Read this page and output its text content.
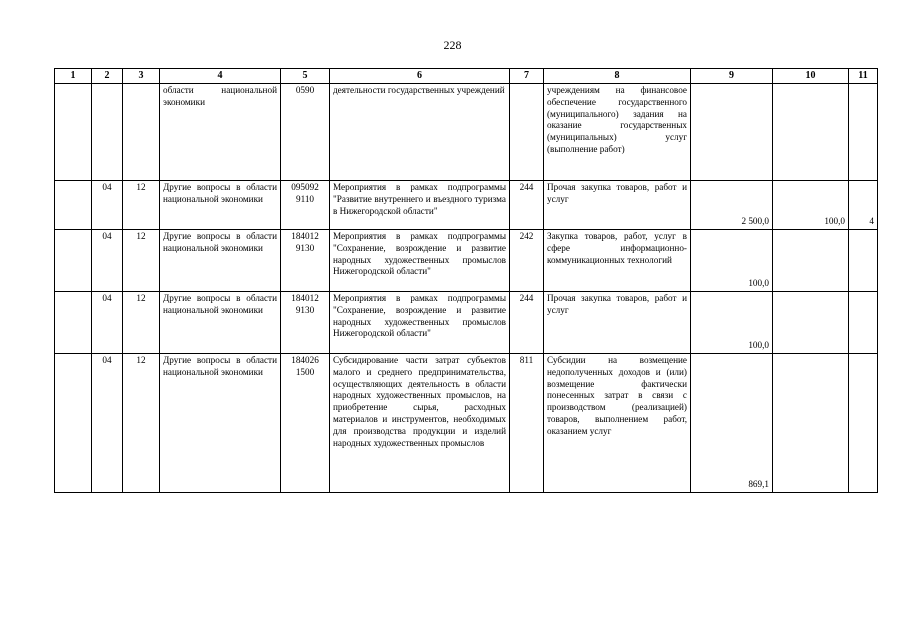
228
1	2	3	4	5	6	7	8	9	10	11
			области национальной экономики	0590	деятельности государственных учреждений		учреждениям на финансовое обеспечение государственного (муниципального) задания на оказание государственных (муниципальных) услуг (выполнение работ)			
	04	12	Другие вопросы в области национальной экономики	095092 9110	Мероприятия в рамках подпрограммы "Развитие внутреннего и въездного туризма в Нижегородской области"	244	Прочая закупка товаров, работ и услуг	2 500,0	100,0	4
	04	12	Другие вопросы в области национальной экономики	184012 9130	Мероприятия в рамках подпрограммы "Сохранение, возрождение и развитие народных художественных промыслов Нижегородской области"	242	Закупка товаров, работ, услуг в сфере информационно-коммуникационных технологий	100,0		
	04	12	Другие вопросы в области национальной экономики	184012 9130	Мероприятия в рамках подпрограммы "Сохранение, возрождение и развитие народных художественных промыслов Нижегородской области"	244	Прочая закупка товаров, работ и услуг	100,0		
	04	12	Другие вопросы в области национальной экономики	184026 1500	Субсидирование части затрат субъектов малого и среднего предпринимательства, осуществляющих деятельность в области народных художественных промыслов, на приобретение сырья, расходных материалов и инструментов, необходимых для производства продукции и изделий народных художественных промыслов	811	Субсидии на возмещение недополученных доходов и (или) возмещение фактически понесенных затрат в связи с производством (реализацией) товаров, выполнением работ, оказанием услуг	869,1		
